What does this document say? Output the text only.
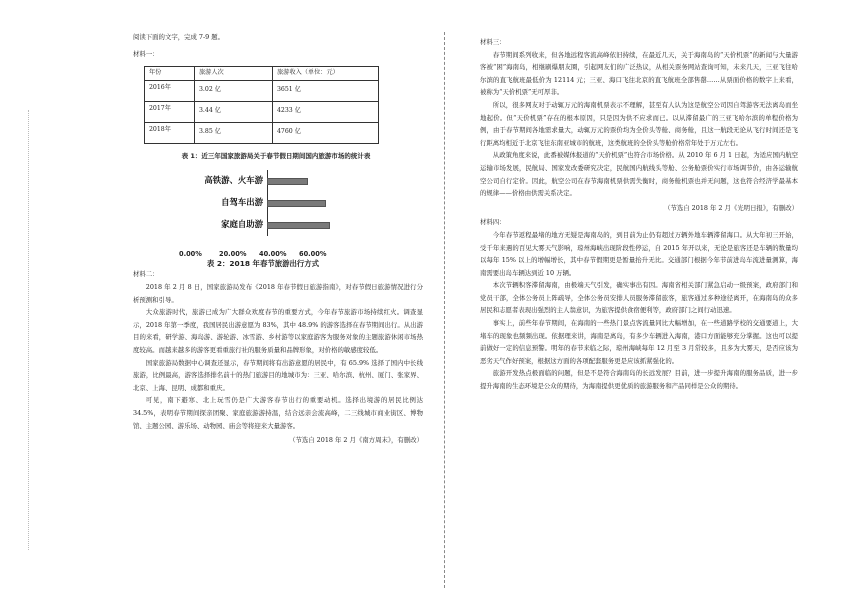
阅读下面的文字，完成 7-9 题。
材料一：
年份	旅游人次	旅游收入（单位：元）
2016年	3.02 亿	3651 亿
2017年	3.44 亿	4233 亿
2018年	3.85 亿	4760 亿
表 1：近三年国家旅游局关于春节假日期间国内旅游市场的统计表
表 2：2018 年春节旅游出行方式
高铁游、火车游
自驾车出游
家庭自助游
0.00%	20.00% 40.00% 60.00%
材料二：
2018 年 2 月 8 日，国家旅游局发布《2018 年春节假日旅游指南》，对春节假日旅游情况进行分析预测和引导。
大众旅游时代，旅游已成为广大群众欢度春节的重要方式，今年春节旅游市场持续红火。调查显示，2018 年第一季度，我国居民出游意愿为 83%，其中 48.9% 的游客选择在春节期间出行。从出游目的来看，研学游、海岛游、游轮游、冰雪游、乡村游等以家庭游客为服务对象的主题旅游休闲市场热度较高。而越来越多的游客更看重旅行社的服务质量和品牌形象，对价格的敏感度较低。
国家旅游局数据中心调查还显示，春节期间将有出游意愿的居民中，有 65.9% 选择了国内中长线旅游，比例最高，游客选择排名前十的热门旅游目的地城市为：三亚、哈尔滨、杭州、厦门、张家界、北京、上海、昆明、成都和重庆。
可见，南下避寒、北上玩雪仍是广大游客春节出行的重要动机。选择出境游的居民比例达 34.5%，表明春节期间探亲团聚、家庭旅游游持温，结合远亲会流高峰，二三线城市商业街区、博物馆、主题公园、游乐场、动物园、庙会等将迎来大量游客。
（节选自 2018 年 2 月《南方周末》，有删改）
材料三：
春节期间系列收来，但各地远程客流高峰依旧持续，在最近几天，关于海南岛的“天价机票”的新闻与大量游客被“困”海南岛，相继刷爆朋友圈，引起网友们的广泛热议，从相关票务网站查询可知，未来几天，三亚飞往哈尔滨的直飞航班最低价为 12114 元；三亚、海口飞往北京的直飞航班全部售罄……从票面价格的数字上来看，被称为“天价机票”无可厚非。
所以，很多网友对于动辄万元的海南机票表示不理解，甚至有人认为这是航空公司因自驾游客无法离岛而坐地起价。但“天价机票”存在的根本原因，只是因为供不应求而已。以从滞留最广的三亚飞哈尔滨的单程价格为例，由于春节期间各地需求量大，动辄万元的票价均为全价头等舱、商务舱，且这一航段无论从飞行时间还是飞行距离均相近于北京飞往东南亚城市的航班，这类航班的全价头等舱价格常年处于万元左右。
从政策角度来说，此番被媒体报道的“天价机票”也符合市场价格。从 2010 年 6 月 1 日起，为适应国内航空运输市场发展，民航局、国家发改委研究决定，民航国内航线头等舱、公务舱票价实行市场调节价，由各运输航空公司自行定价。因此，航空公司在春节海南机票供需失衡时，商务舱机票也并无问题，这也符合经济学最基本的规律——价格由供需关系决定。
（节选自 2018 年 2 月《光明日报》，有删改）
材料四：
今年春节返程最堵的地方无疑是海南岛的，到目前为止仍有超过万辆外地车辆滞留海口。从大年初三开始，受千年来遇的百见大雾天气影响，琼州海峡出现阶段性停运，自 2015 年开以来，无论是旅客还是车辆的数量均以每年 15% 以上的增幅增长，其中春节假期更是暂量抬升无比。交通部门根据今年节前进岛车流进量测算，海南需要出岛车辆达到近 10 万辆。
本次节辆积客滞留海南，由极端天气引发，确实事出有因。海南省相关部门紧急启动一级预案，政府部门和党员干部，全体公务员上阵疏导，全体公务员安排人员服务滞留旅客，旅客通过多种途径离开，在海南岛的众多居民和志愿者表现出强烈的主人翁意识，为旅客提供食宿便利等，政府部门之间行动迅速。
事实上，前些年春节期间，在海南的一些热门景点客流量同比大幅增加，在一些道路学校的交通要道上，大堵车的现象也频频出现。依据理来讲，海南是离岛，有多少车辆进入海南，港口方面能够充分掌握。这也可以提前做好一定的信息预警。明年的春节来临之际，琼州海峡每年 12 月至 3 月常较多，且多为大雾天，是否应该为恶劣天气作好预案，根据这方面的各项配套服务更是应该抓紧强化的。
旅游开发热点极面临的问题，但是不是符合海南岛的长远发展？目前，进一步提升海南的服务品质，进一步提升海南的生态环境是公众的期待，为海南提供更优质的旅游服务和产品同样是公众的期待。
